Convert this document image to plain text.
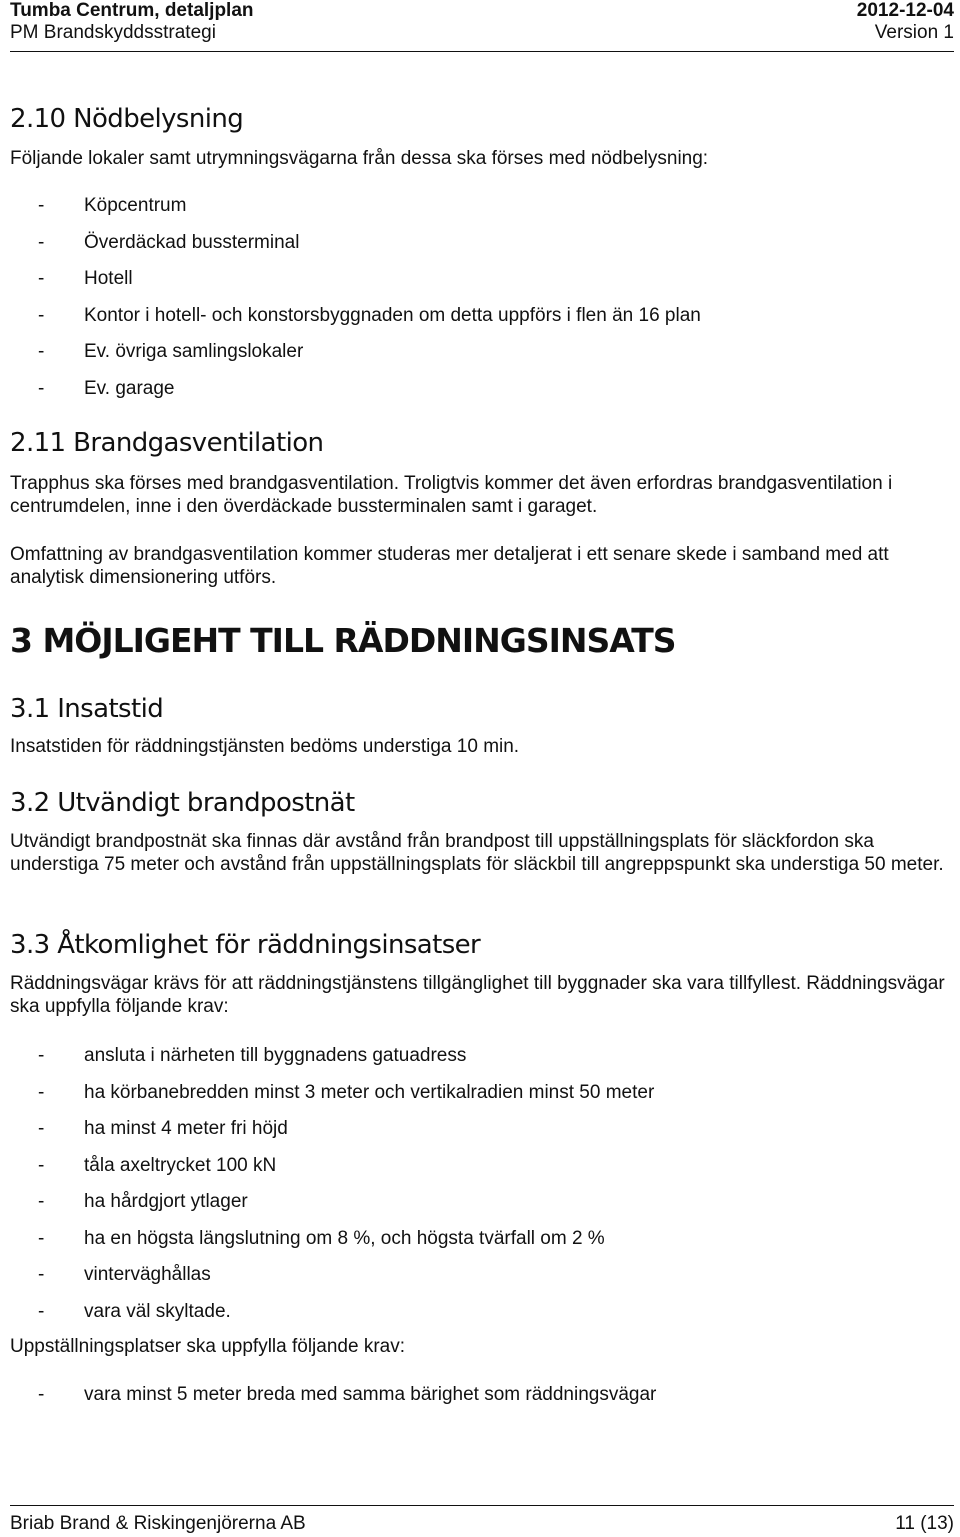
Tumba Centrum, detaljplan	2012-12-04
PM Brandskyddsstrategi	Version 1
2.10 Nödbelysning

Följande lokaler samt utrymningsvägarna från dessa ska förses med nödbelysning:

- Köpcentrum
- Överdäckad bussterminal
- Hotell
- Kontor i hotell- och konstorsbyggnaden om detta uppförs i flen än 16 plan
- Ev. övriga samlingslokaler
- Ev. garage
2.11 Brandgasventilation

Trapphus ska förses med brandgasventilation. Troligtvis kommer det även erfordras brandgasventilation i centrumdelen, inne i den överdäckade bussterminalen samt i garaget.

Omfattning av brandgasventilation kommer studeras mer detaljerat i ett senare skede i samband med att analytisk dimensionering utförs.

3 MÖJLIGEHT TILL RÄDDNINGSINSATS
3.1 Insatstid

Insatstiden för räddningstjänsten bedöms understiga 10 min.

3.2 Utvändigt brandpostnät

Utvändigt brandpostnät ska finnas där avstånd från brandpost till uppställningsplats för släckfordon ska understiga 75 meter och avstånd från uppställningsplats för släckbil till angreppspunkt ska understiga 50 meter.

3.3 Åtkomlighet för räddningsinsatser

Räddningsvägar krävs för att räddningstjänstens tillgänglighet till byggnader ska vara tillfyllest. Räddningsvägar ska uppfylla följande krav:

- ansluta i närheten till byggnadens gatuadress
- ha körbanebredden minst 3 meter och vertikalradien minst 50 meter
- ha minst 4 meter fri höjd
- tåla axeltrycket 100 kN
- ha hårdgjort ytlager
- ha en högsta längslutning om 8 %, och högsta tvärfall om 2 %
- vinterväghållas
- vara väl skyltade.

Uppställningsplatser ska uppfylla följande krav:

- vara minst 5 meter breda med samma bärighet som räddningsvägar
Briab Brand & Riskingenjörerna AB	11 (13)
